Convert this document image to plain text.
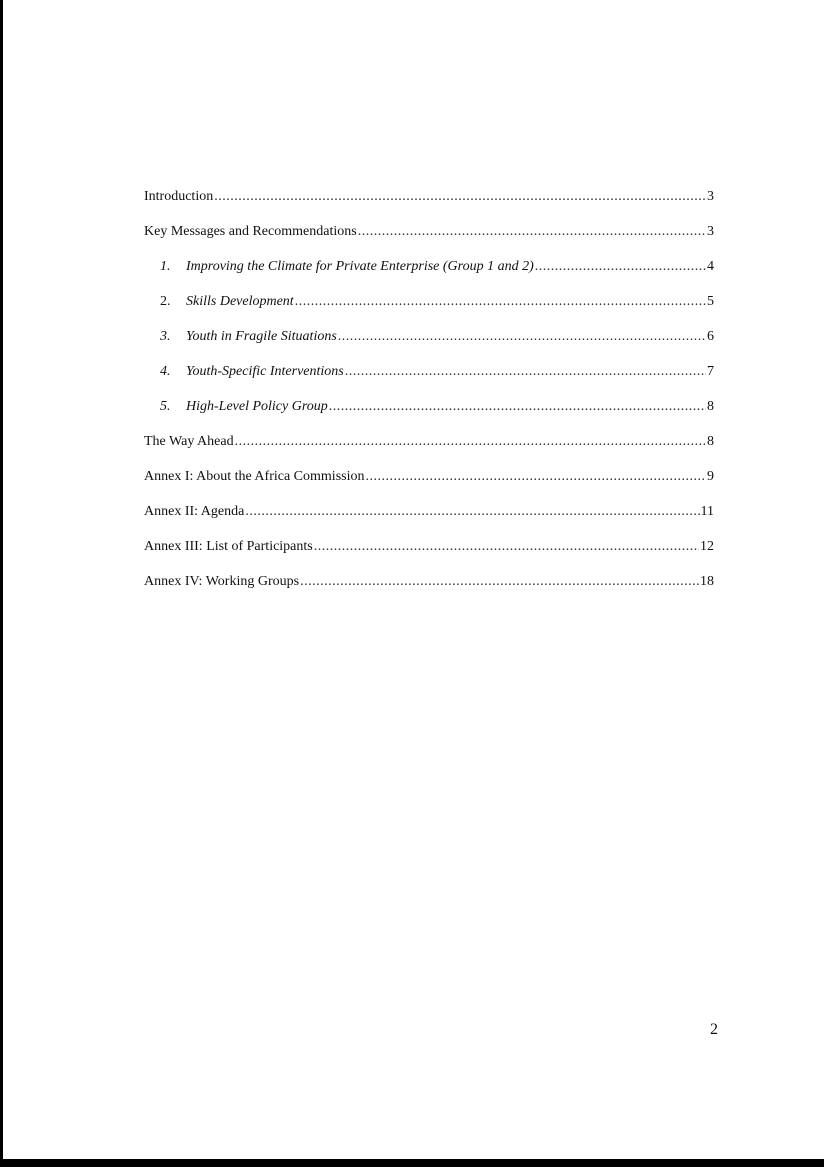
Introduction .....	3
Key Messages and Recommendations .....	3
1.	Improving the Climate for Private Enterprise (Group 1 and 2) .....	4
2.	Skills Development .....	5
3.	Youth in Fragile Situations .....	6
4.	Youth-Specific Interventions .....	7
5.	High-Level Policy Group .....	8
The Way Ahead .....	8
Annex I: About the Africa Commission .....	9
Annex II: Agenda .....	11
Annex III: List of Participants .....	12
Annex IV: Working Groups .....	18
2
